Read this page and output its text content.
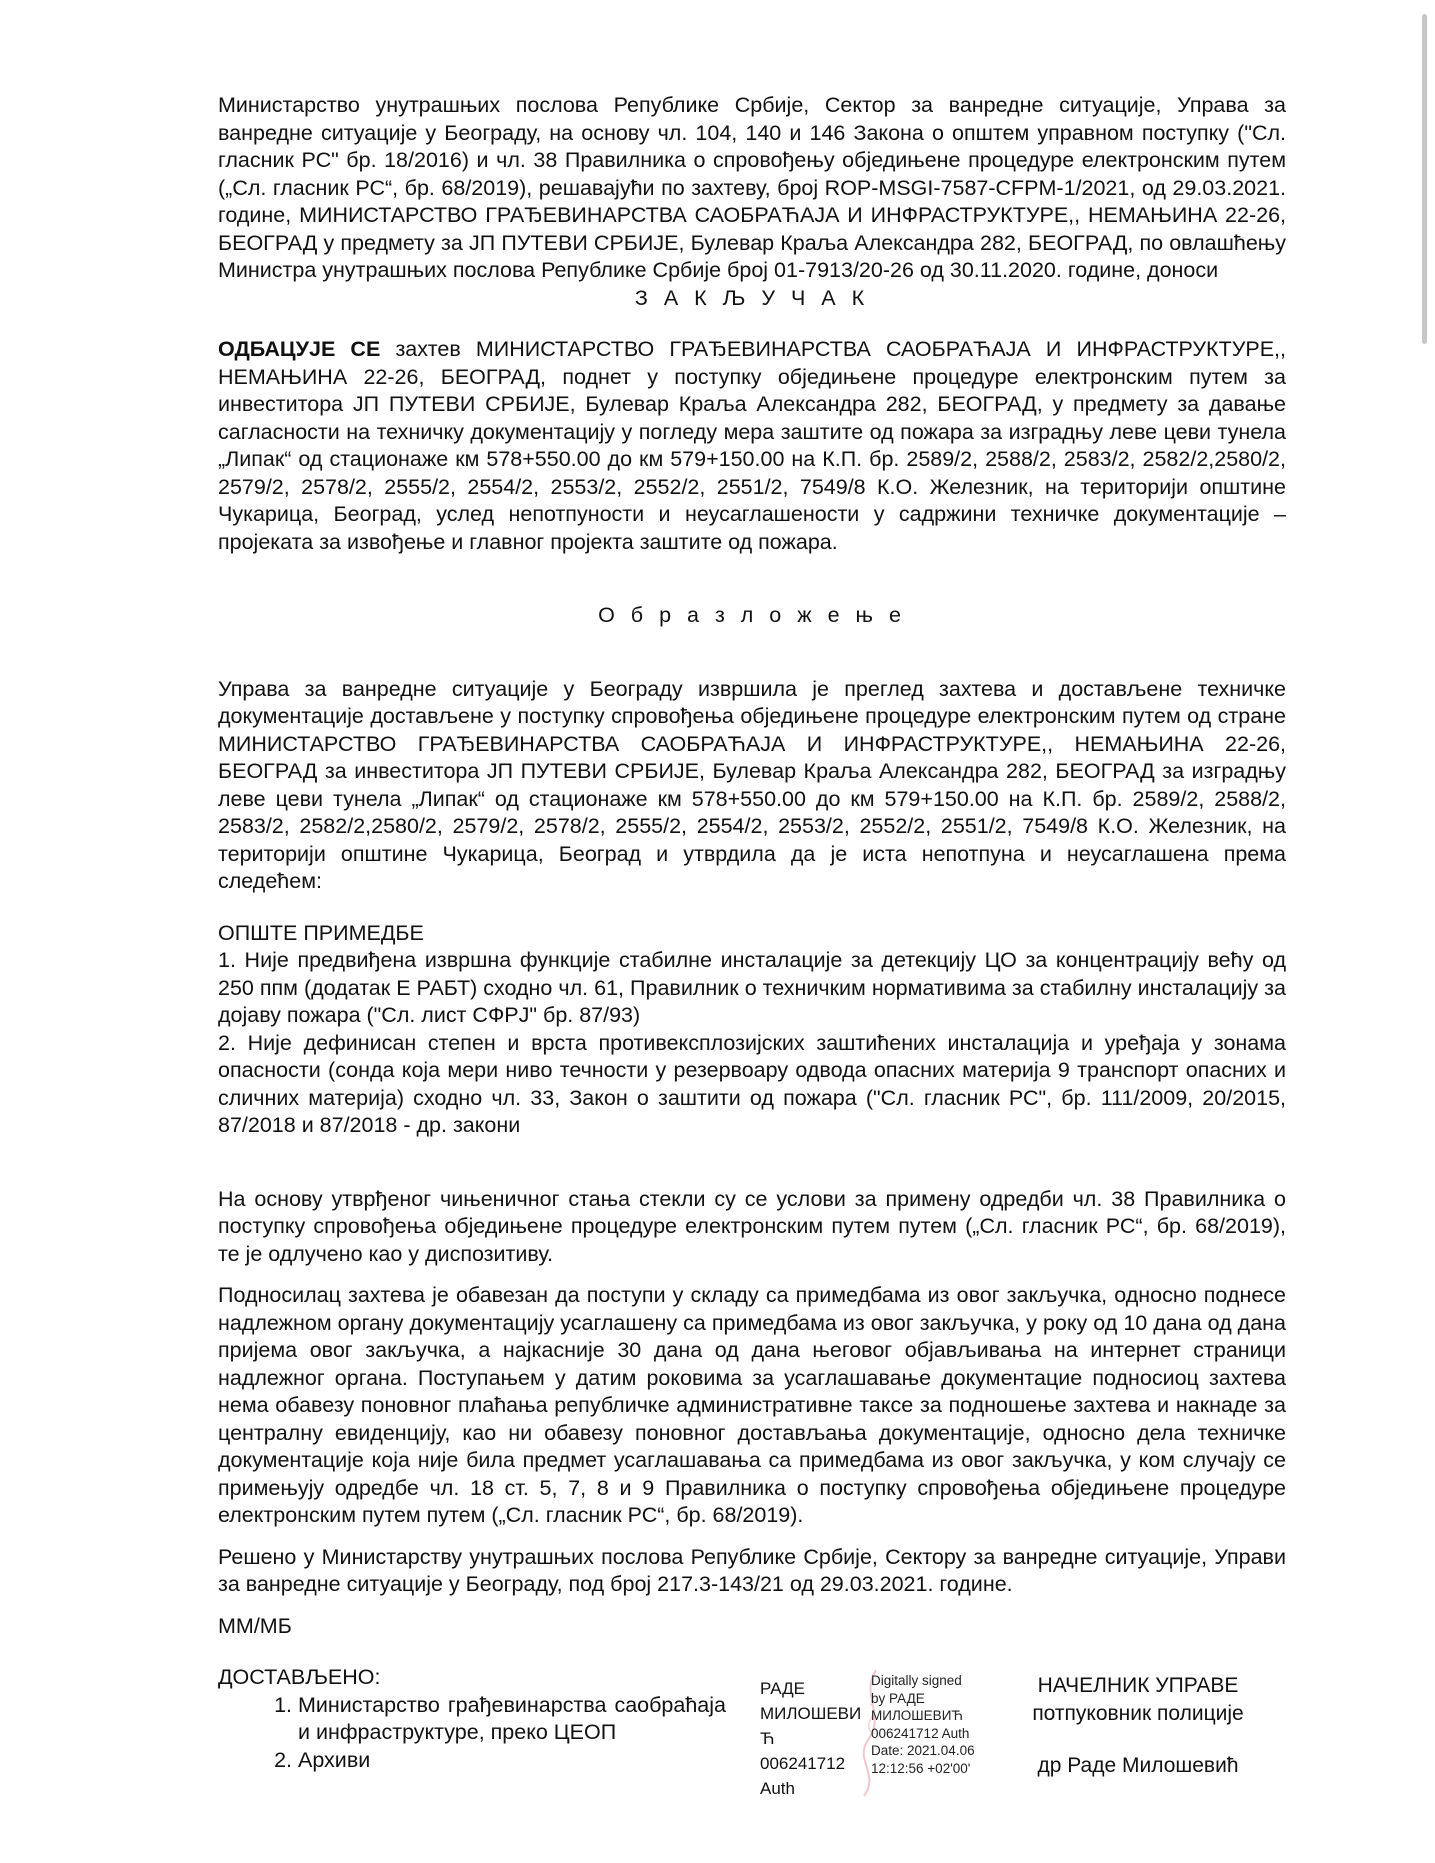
Министарство унутрашњих послова Републике Србије, Сектор за ванредне ситуације, Управа за ванредне ситуације у Београду, на основу чл. 104, 140 и 146 Закона о општем управном поступку ("Сл. гласник РС" бр. 18/2016) и чл. 38 Правилника о спровођењу обједињене процедуре електронским путем („Сл. гласник РС“, бр. 68/2019), решавајући по захтеву, број ROP-MSGI-7587-CFPM-1/2021, од 29.03.2021. године, МИНИСТАРСТВО ГРАЂЕВИНАРСТВА САОБРАЋАЈА И ИНФРАСТРУКТУРЕ,, НЕМАЊИНА 22-26, БЕОГРАД у предмету за ЈП ПУТЕВИ СРБИЈЕ, Булевар Краља Александра 282, БЕОГРАД, по овлашћењу Министра унутрашњих послова Републике Србије број 01-7913/20-26 од 30.11.2020. године, доноси

З А К Љ У Ч А К

ОДБАЦУЈЕ СЕ захтев МИНИСТАРСТВО ГРАЂЕВИНАРСТВА САОБРАЋАЈА И ИНФРАСТРУКТУРЕ,, НЕМАЊИНА 22-26, БЕОГРАД, поднет у поступку обједињене процедуре електронским путем за инвеститора ЈП ПУТЕВИ СРБИЈЕ, Булевар Краља Александра 282, БЕОГРАД, у предмету за давање сагласности на техничку документацију у погледу мера заштите од пожара за изградњу леве цеви тунела „Липак“ од стационаже км 578+550.00 до км 579+150.00 на К.П. бр. 2589/2, 2588/2, 2583/2, 2582/2,2580/2, 2579/2, 2578/2, 2555/2, 2554/2, 2553/2, 2552/2, 2551/2, 7549/8 К.О. Железник, на територији општине Чукарица, Београд, услед непотпуности и неусаглашености у садржини техничке документације – пројеката за извођење и главног пројекта заштите од пожара.

О б р а з л о ж е њ е

Управа за ванредне ситуације у Београду извршила је преглед захтева и достављене техничке документације достављене у поступку спровођења обједињене процедуре електронским путем од стране МИНИСТАРСТВО ГРАЂЕВИНАРСТВА САОБРАЋАЈА И ИНФРАСТРУКТУРЕ,, НЕМАЊИНА 22-26, БЕОГРАД за инвеститора ЈП ПУТЕВИ СРБИЈЕ, Булевар Краља Александра 282, БЕОГРАД за изградњу леве цеви тунела „Липак“ од стационаже км 578+550.00 до км 579+150.00 на К.П. бр. 2589/2, 2588/2, 2583/2, 2582/2,2580/2, 2579/2, 2578/2, 2555/2, 2554/2, 2553/2, 2552/2, 2551/2, 7549/8 К.О. Железник, на територији општине Чукарица, Београд и утврдила да је иста непотпуна и неусаглашена према следећем:

ОПШТЕ ПРИМЕДБЕ

1. Није предвиђена извршна функције стабилне инсталације за детекцију ЦО за концентрацију већу од 250 ппм (додатак Е РАБТ) сходно чл. 61, Правилник о техничким нормативима за стабилну инсталацију за дојаву пожара ("Сл. лист СФРЈ" бр. 87/93)

2. Није дефинисан степен и врста противексплозијских заштићених инсталација и уређаја у зонама опасности (сонда која мери ниво течности у резервоару одвода опасних материја 9 транспорт опасних и сличних материја) сходно чл. 33, Закон о заштити од пожара ("Сл. гласник РС", бр. 111/2009, 20/2015, 87/2018 и 87/2018 - др. закони

На основу утврђеног чињеничног стања стекли су се услови за примену одредби чл. 38 Правилника о поступку спровођења обједињене процедуре електронским путем путем („Сл. гласник РС“, бр. 68/2019), те је одлучено као у диспозитиву.

Подносилац захтева је обавезан да поступи у складу са примедбама из овог закључка, односно поднесе надлежном органу документацију усаглашену са примедбама из овог закључка, у року од 10 дана од дана пријема овог закључка, а најкасније 30 дана од дана његовог објављивања на интернет страници надлежног органа. Поступањем у датим роковима за усаглашавање документацие подносиоц захтева нема обавезу поновног плаћања републичке административне таксе за подношење захтева и накнаде за централну евиденцију, као ни обавезу поновног достављања документације, односно дела техничке документације која није била предмет усаглашавања са примедбама из овог закључка, у ком случају се примењују одредбе чл. 18 ст. 5, 7, 8 и 9 Правилника о поступку спровођења обједињене процедуре електронским путем путем („Сл. гласник РС“, бр. 68/2019).

Решено у Министарству унутрашњих послова Републике Србије, Сектору за ванредне ситуације, Управи за ванредне ситуације у Београду, под број 217.3-143/21 од 29.03.2021. године.

ММ/МБ

ДОСТАВЉЕНО:

1. Министарство грађевинарства саобраћаја и инфраструктуре, преко ЦЕОП
2. Архиви
РАДЕ
МИЛОШЕВИ
Ћ 006241712
Auth
Digitally signed
by РАДЕ
МИЛОШЕВИЋ
006241712 Auth
Date: 2021.04.06
12:12:56 +02'00'
НАЧЕЛНИК УПРАВЕ
потпуковник полиције
др Раде Милошевић
